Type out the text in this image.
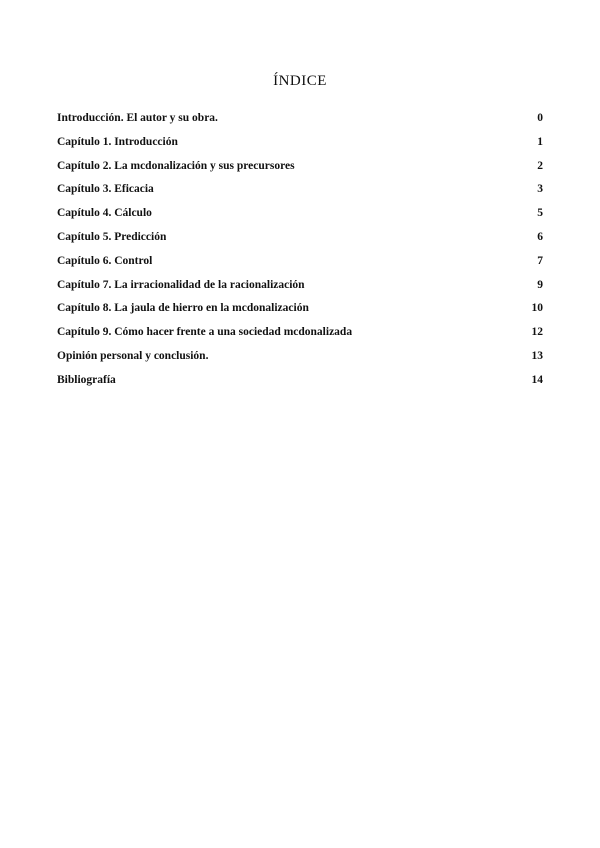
ÍNDICE
Introducción. El autor y su obra.	0
Capítulo 1. Introducción	1
Capítulo 2. La mcdonalización y sus precursores	2
Capítulo 3. Eficacia	3
Capítulo 4. Cálculo	5
Capítulo 5. Predicción	6
Capítulo 6. Control	7
Capítulo 7. La irracionalidad de la racionalización	9
Capítulo 8. La jaula de hierro en la mcdonalización	10
Capítulo 9. Cómo hacer frente a una sociedad mcdonalizada	12
Opinión personal y conclusión.	13
Bibliografía	14
